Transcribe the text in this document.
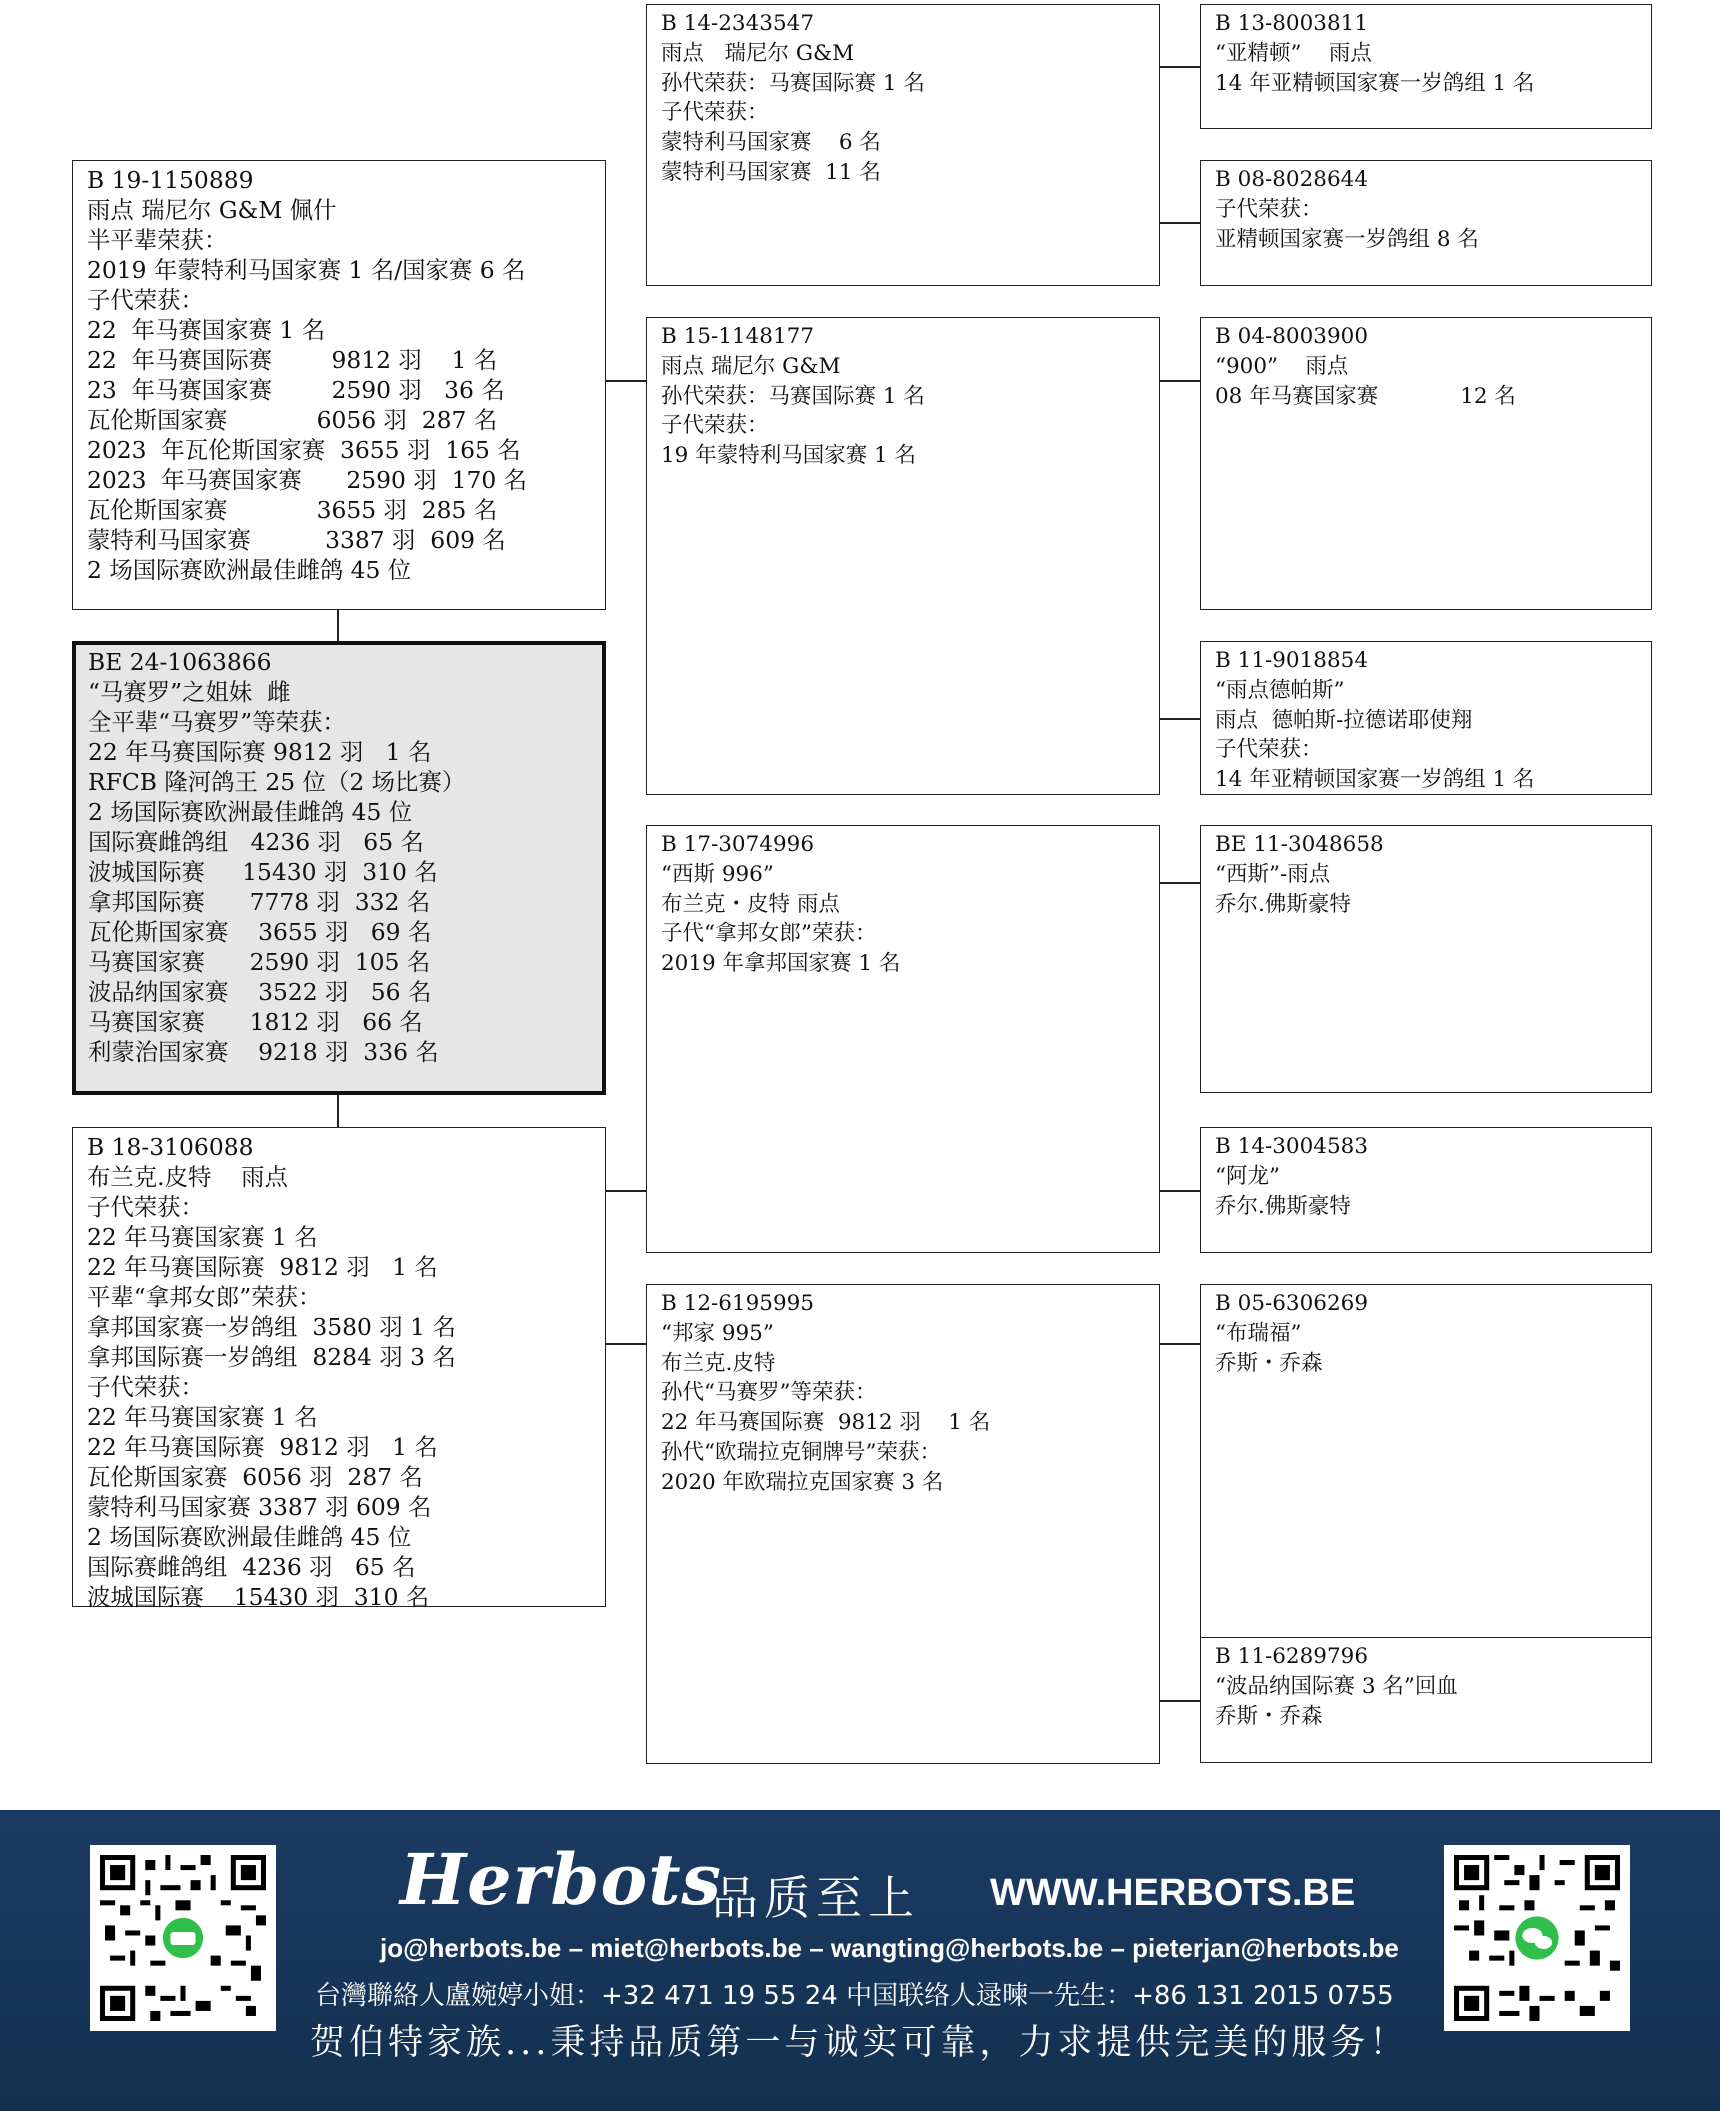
B 19-1150889
雨点 瑞尼尔 G&M 佩什
半平辈荣获：
2019 年蒙特利马国家赛 1 名/国家赛 6 名
子代荣获：
22  年马赛国家赛 1 名
22  年马赛国际赛        9812 羽    1 名
23  年马赛国家赛        2590 羽   36 名
瓦伦斯国家赛            6056 羽  287 名
2023  年瓦伦斯国家赛  3655 羽  165 名
2023  年马赛国家赛      2590 羽  170 名
瓦伦斯国家赛            3655 羽  285 名
蒙特利马国家赛          3387 羽  609 名
2 场国际赛欧洲最佳雌鸽 45 位
BE 24-1063866
“马赛罗”之姐妹  雌
全平辈“马赛罗”等荣获：
22 年马赛国际赛 9812 羽   1 名
RFCB 隆河鸽王 25 位（2 场比赛）
2 场国际赛欧洲最佳雌鸽 45 位
国际赛雌鸽组   4236 羽   65 名
波城国际赛     15430 羽  310 名
拿邦国际赛      7778 羽  332 名
瓦伦斯国家赛    3655 羽   69 名
马赛国家赛      2590 羽  105 名
波品纳国家赛    3522 羽   56 名
马赛国家赛      1812 羽   66 名
利蒙治国家赛    9218 羽  336 名
B 18-3106088
布兰克.皮特    雨点
子代荣获：
22 年马赛国家赛 1 名
22 年马赛国际赛  9812 羽   1 名
平辈“拿邦女郎”荣获：
拿邦国家赛一岁鸽组  3580 羽 1 名
拿邦国际赛一岁鸽组  8284 羽 3 名
子代荣获：
22 年马赛国家赛 1 名
22 年马赛国际赛  9812 羽   1 名
瓦伦斯国家赛  6056 羽  287 名
蒙特利马国家赛 3387 羽 609 名
2 场国际赛欧洲最佳雌鸽 45 位
国际赛雌鸽组  4236 羽   65 名
波城国际赛    15430 羽  310 名
B 14-2343547
雨点   瑞尼尔 G&M
孙代荣获：马赛国际赛 1 名
子代荣获：
蒙特利马国家赛    6 名
蒙特利马国家赛  11 名
B 15-1148177
雨点 瑞尼尔 G&M
孙代荣获：马赛国际赛 1 名
子代荣获：
19 年蒙特利马国家赛 1 名
B 17-3074996
“西斯 996”
布兰克・皮特 雨点
子代“拿邦女郎”荣获：
2019 年拿邦国家赛 1 名
B 12-6195995
“邦家 995”
布兰克.皮特
孙代“马赛罗”等荣获：
22 年马赛国际赛  9812 羽    1 名
孙代“欧瑞拉克铜牌号”荣获：
2020 年欧瑞拉克国家赛 3 名
B 13-8003811
“亚精顿”    雨点
14 年亚精顿国家赛一岁鸽组 1 名
B 08-8028644
子代荣获：
亚精顿国家赛一岁鸽组 8 名
B 04-8003900
“900”    雨点
08 年马赛国家赛            12 名
B 11-9018854
“雨点德帕斯”
雨点  德帕斯-拉德诺耶使翔
子代荣获：
14 年亚精顿国家赛一岁鸽组 1 名
BE 11-3048658
“西斯”-雨点
乔尔.佛斯豪特
B 14-3004583
“阿龙”
乔尔.佛斯豪特
B 05-6306269
“布瑞福”
乔斯・乔森
B 11-6289796
“波品纳国际赛 3 名”回血
乔斯・乔森
Herbots
品质至上 WWW.HERBOTS.BE
jo@herbots.be – miet@herbots.be – wangting@herbots.be – pieterjan@herbots.be
台灣聯絡人盧婉婷小姐：+32 471 19 55 24 中国联络人逯暕一先生：+86 131 2015 0755
贺伯特家族...秉持品质第一与诚实可靠，力求提供完美的服务！
